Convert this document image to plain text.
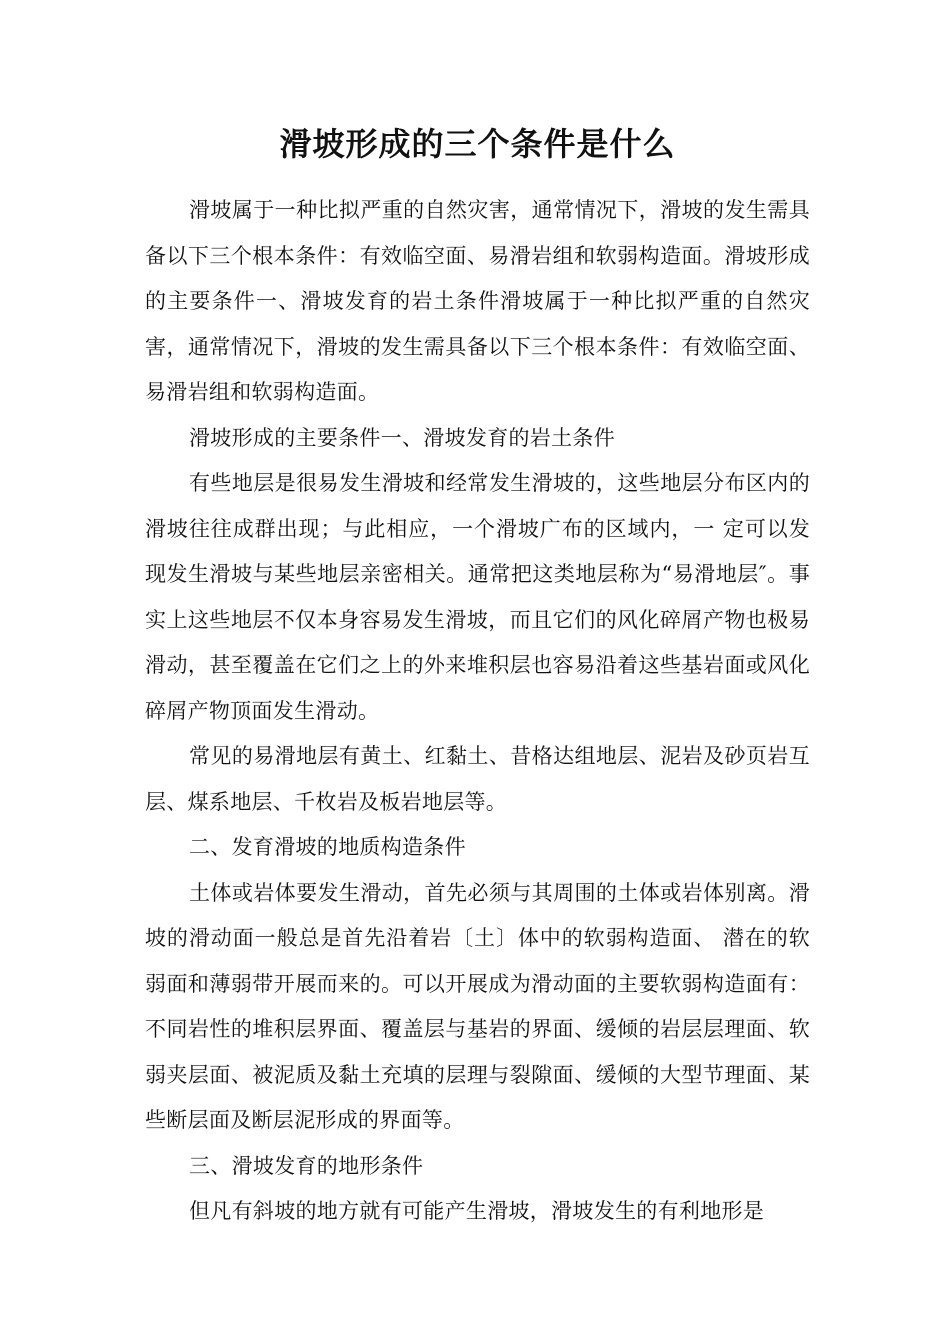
滑坡形成的三个条件是什么

滑坡属于一种比拟严重的自然灾害，通常情况下，滑坡的发生需具备以下三个根本条件：有效临空面、易滑岩组和软弱构造面。滑坡形成的主要条件一、滑坡发育的岩土条件滑坡属于一种比拟严重的自然灾害，通常情况下，滑坡的发生需具备以下三个根本条件：有效临空面、易滑岩组和软弱构造面。

滑坡形成的主要条件一、滑坡发育的岩土条件

有些地层是很易发生滑坡和经常发生滑坡的，这些地层分布区内的滑坡往往成群出现；与此相应，一个滑坡广布的区域内，一 定可以发现发生滑坡与某些地层亲密相关。通常把这类地层称为“易滑地层″。事实上这些地层不仅本身容易发生滑坡，而且它们的风化碎屑产物也极易滑动，甚至覆盖在它们之上的外来堆积层也容易沿着这些基岩面或风化碎屑产物顶面发生滑动。

常见的易滑地层有黄土、红黏土、昔格达组地层、泥岩及砂页岩互层、煤系地层、千枚岩及板岩地层等。

二、发育滑坡的地质构造条件

土体或岩体要发生滑动，首先必须与其周围的土体或岩体别离。滑坡的滑动面一般总是首先沿着岩〔土〕体中的软弱构造面、 潜在的软弱面和薄弱带开展而来的。可以开展成为滑动面的主要软弱构造面有：不同岩性的堆积层界面、覆盖层与基岩的界面、缓倾的岩层层理面、软弱夹层面、被泥质及黏土充填的层理与裂隙面、缓倾的大型节理面、某些断层面及断层泥形成的界面等。

三、滑坡发育的地形条件

但凡有斜坡的地方就有可能产生滑坡，滑坡发生的有利地形是
